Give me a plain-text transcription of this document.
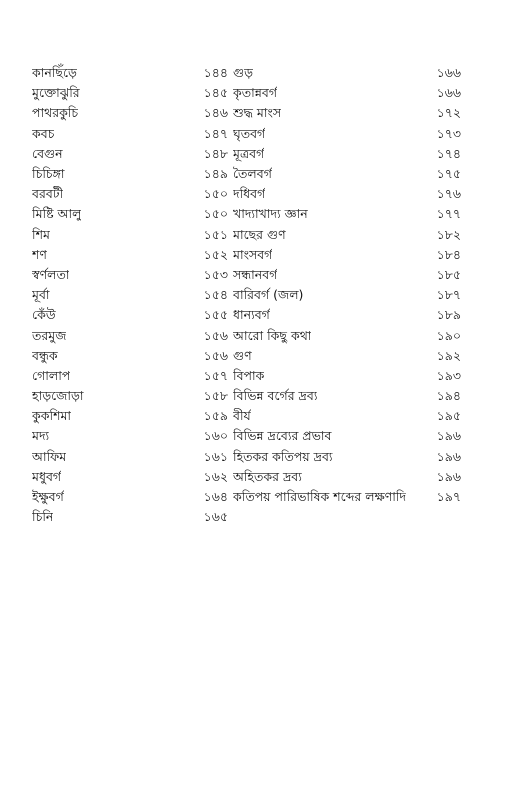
কানছিঁড়ে	১৪৪
মুক্তোঝুরি	১৪৫
পাথরকুচি	১৪৬
কবচ	১৪৭
বেগুন	১৪৮
চিচিঙ্গা	১৪৯
বরবটী	১৫০
মিষ্টি আলু	১৫০
শিম	১৫১
শণ	১৫২
স্বর্ণলতা	১৫৩
মূর্বা	১৫৪
কেঁউ	১৫৫
তরমুজ	১৫৬
বন্ধুক	১৫৬
গোলাপ	১৫৭
হাড়জোড়া	১৫৮
কুকশিমা	১৫৯
মদ্য	১৬০
আফিম	১৬১
মধুবর্গ	১৬২
ইক্ষুবর্গ	১৬৪
চিনি	১৬৫
গুড়	১৬৬
কৃতান্নবর্গ	১৬৬
শুদ্ধ মাংস	১৭২
ঘৃতবর্গ	১৭৩
মূত্রবর্গ	১৭৪
তৈলবর্গ	১৭৫
দধিবর্গ	১৭৬
খাদ্যাখাদ্য জ্ঞান	১৭৭
মাছের গুণ	১৮২
মাংসবর্গ	১৮৪
সন্ধানবর্গ	১৮৫
বারিবর্গ (জল)	১৮৭
ধান্যবর্গ	১৮৯
আরো কিছু কথা	১৯০
গুণ	১৯২
বিপাক	১৯৩
বিভিন্ন বর্গের দ্রব্য	১৯৪
বীর্য	১৯৫
বিভিন্ন দ্রব্যের প্রভাব	১৯৬
হিতকর কতিপয় দ্রব্য	১৯৬
অহিতকর দ্রব্য	১৯৬
কতিপয় পারিভাষিক শব্দের লক্ষণাদি	১৯৭
